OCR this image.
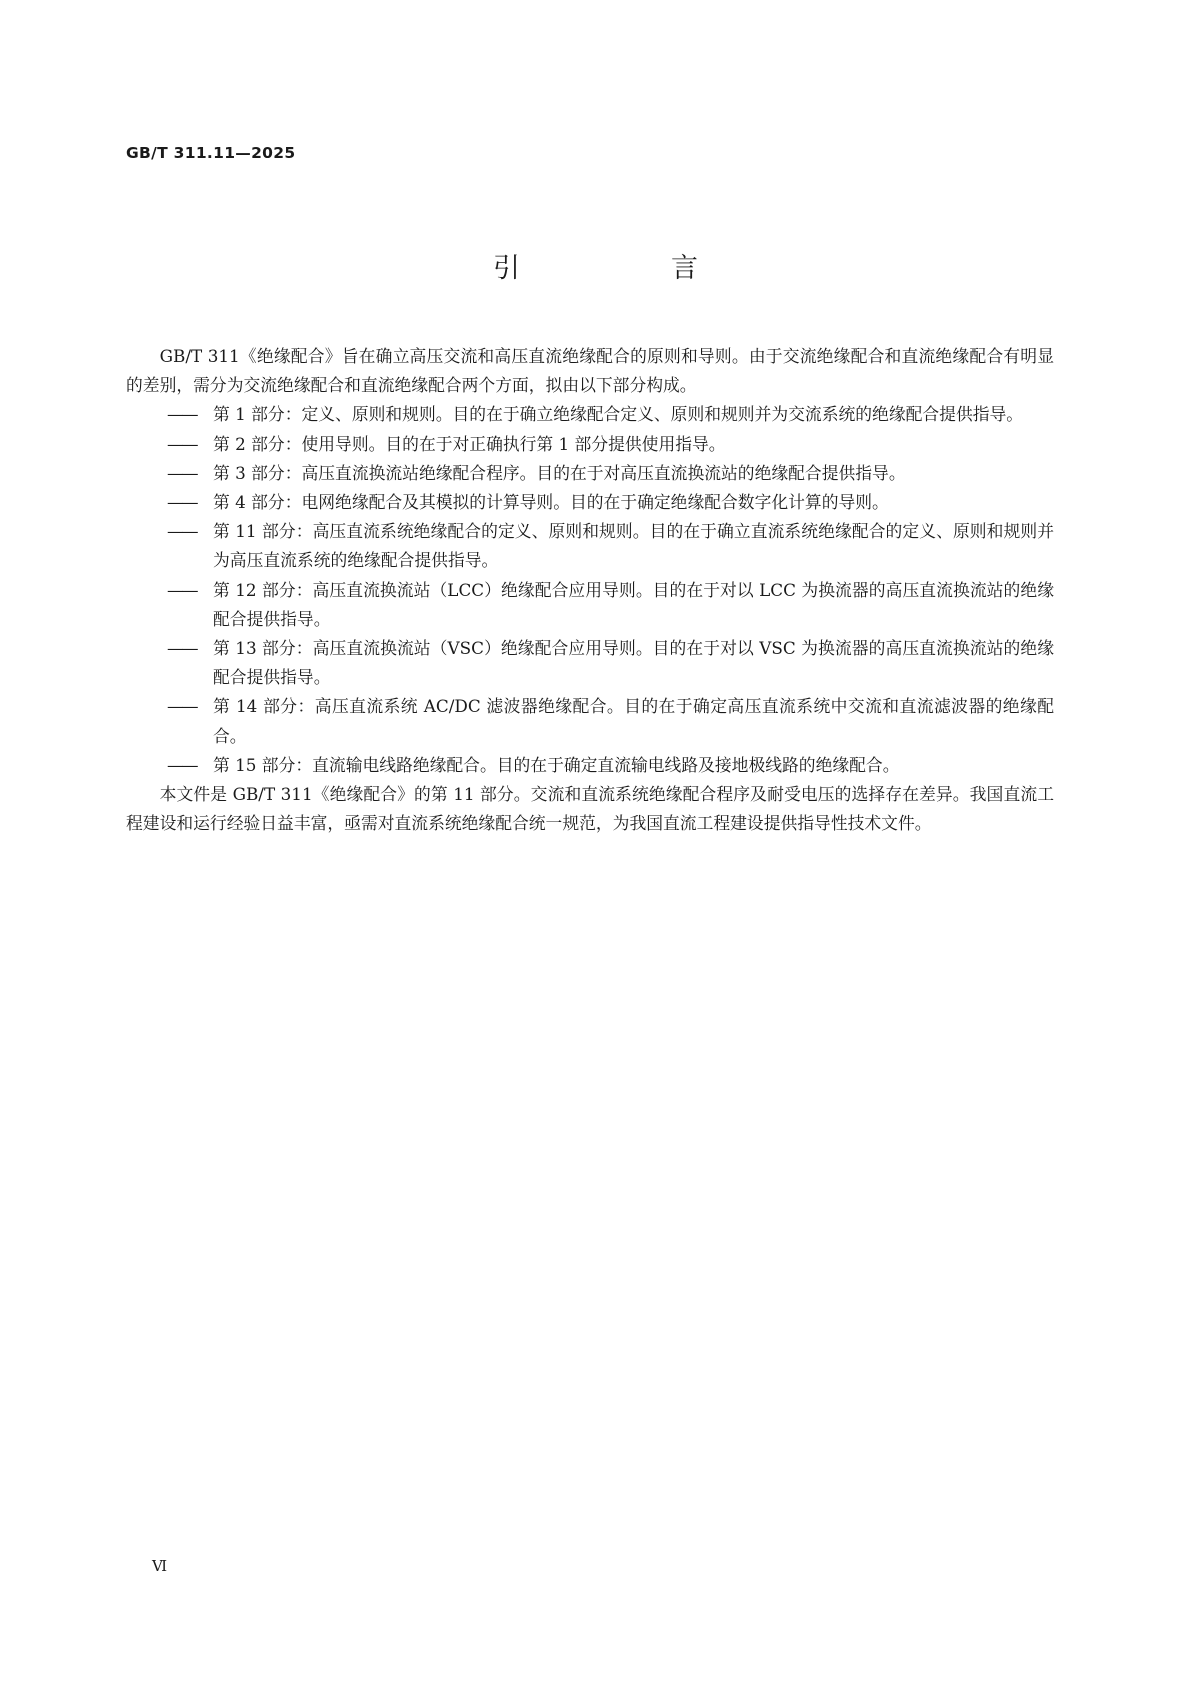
GB/T 311.11—2025
引　言

GB/T 311《绝缘配合》旨在确立高压交流和高压直流绝缘配合的原则和导则。由于交流绝缘配合和直流绝缘配合有明显的差别，需分为交流绝缘配合和直流绝缘配合两个方面，拟由以下部分构成。

—— 第 1 部分：定义、原则和规则。目的在于确立绝缘配合定义、原则和规则并为交流系统的绝缘配合提供指导。
—— 第 2 部分：使用导则。目的在于对正确执行第 1 部分提供使用指导。
—— 第 3 部分：高压直流换流站绝缘配合程序。目的在于对高压直流换流站的绝缘配合提供指导。
—— 第 4 部分：电网绝缘配合及其模拟的计算导则。目的在于确定绝缘配合数字化计算的导则。
—— 第 11 部分：高压直流系统绝缘配合的定义、原则和规则。目的在于确立直流系统绝缘配合的定义、原则和规则并为高压直流系统的绝缘配合提供指导。
—— 第 12 部分：高压直流换流站（LCC）绝缘配合应用导则。目的在于对以 LCC 为换流器的高压直流换流站的绝缘配合提供指导。
—— 第 13 部分：高压直流换流站（VSC）绝缘配合应用导则。目的在于对以 VSC 为换流器的高压直流换流站的绝缘配合提供指导。
—— 第 14 部分：高压直流系统 AC/DC 滤波器绝缘配合。目的在于确定高压直流系统中交流和直流滤波器的绝缘配合。
—— 第 15 部分：直流输电线路绝缘配合。目的在于确定直流输电线路及接地极线路的绝缘配合。

本文件是 GB/T 311《绝缘配合》的第 11 部分。交流和直流系统绝缘配合程序及耐受电压的选择存在差异。我国直流工程建设和运行经验日益丰富，亟需对直流系统绝缘配合统一规范，为我国直流工程建设提供指导性技术文件。

Ⅵ
